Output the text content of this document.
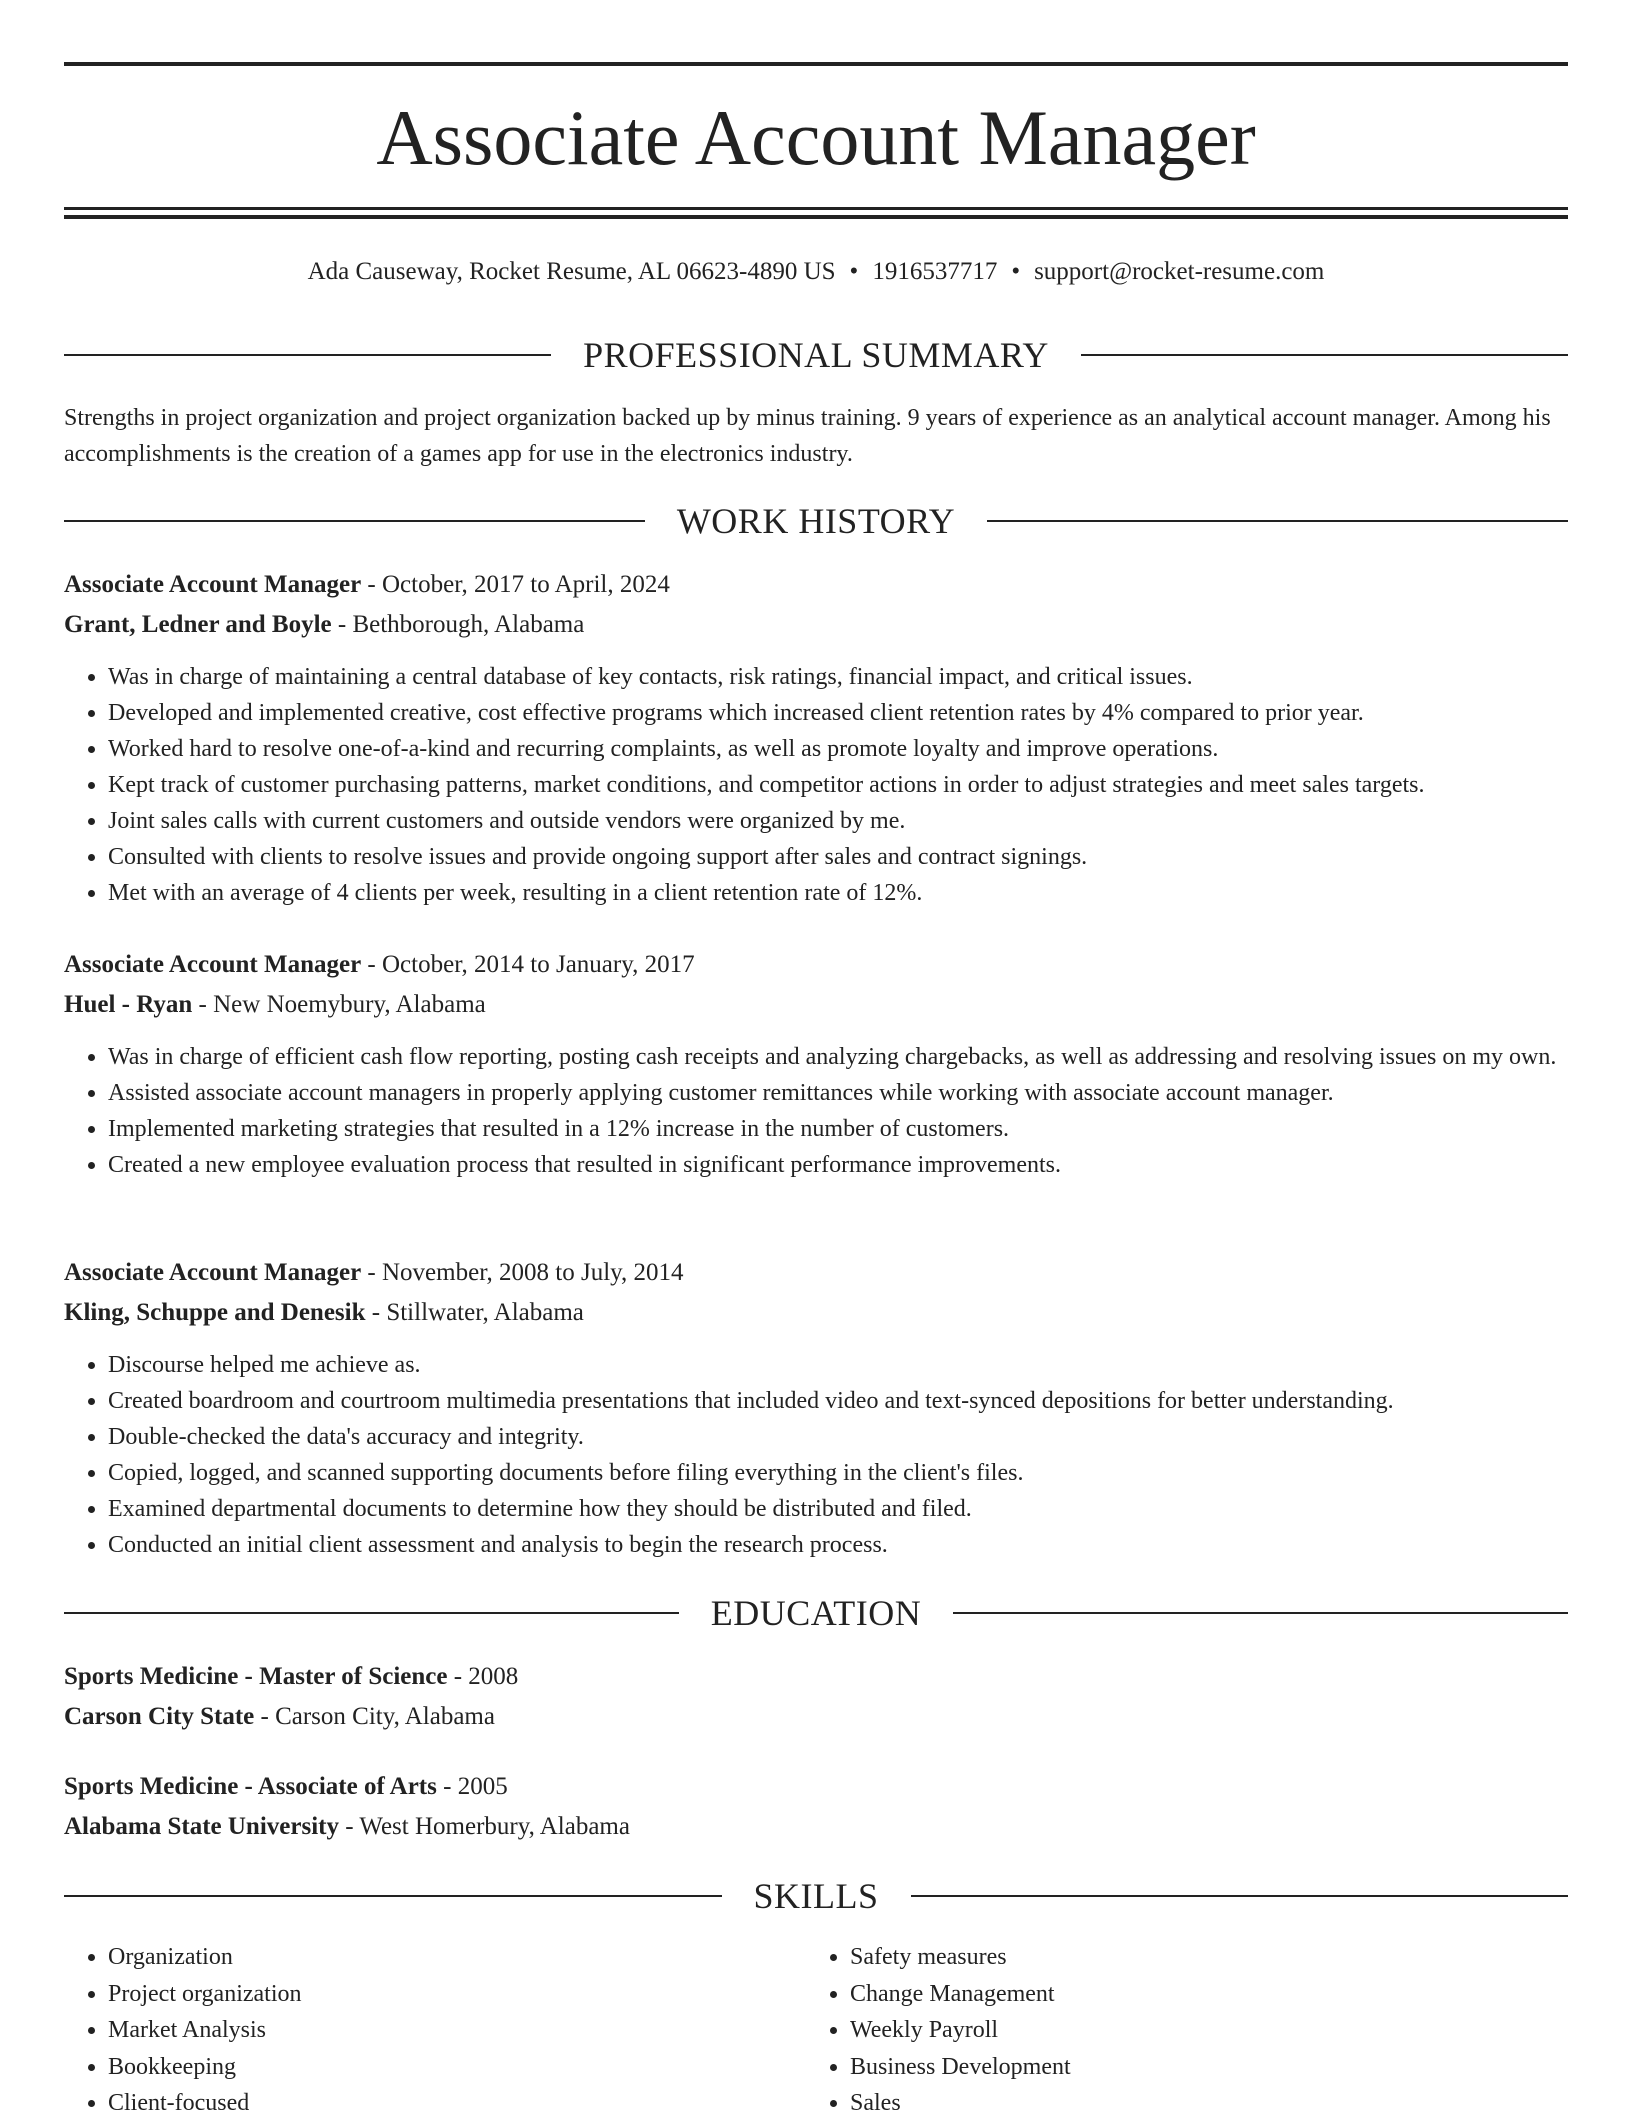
Associate Account Manager
Ada Causeway, Rocket Resume, AL 06623-4890 US • 1916537717 • support@rocket-resume.com
PROFESSIONAL SUMMARY

Strengths in project organization and project organization backed up by minus training. 9 years of experience as an analytical account manager. Among his accomplishments is the creation of a games app for use in the electronics industry.

WORK HISTORY
Associate Account Manager - October, 2017 to April, 2024
Grant, Ledner and Boyle - Bethborough, Alabama
• Was in charge of maintaining a central database of key contacts, risk ratings, financial impact, and critical issues.
• Developed and implemented creative, cost effective programs which increased client retention rates by 4% compared to prior year.
• Worked hard to resolve one-of-a-kind and recurring complaints, as well as promote loyalty and improve operations.
• Kept track of customer purchasing patterns, market conditions, and competitor actions in order to adjust strategies and meet sales targets.
• Joint sales calls with current customers and outside vendors were organized by me.
• Consulted with clients to resolve issues and provide ongoing support after sales and contract signings.
• Met with an average of 4 clients per week, resulting in a client retention rate of 12%.
Associate Account Manager - October, 2014 to January, 2017
Huel - Ryan - New Noemybury, Alabama
• Was in charge of efficient cash flow reporting, posting cash receipts and analyzing chargebacks, as well as addressing and resolving issues on my own.
• Assisted associate account managers in properly applying customer remittances while working with associate account manager.
• Implemented marketing strategies that resulted in a 12% increase in the number of customers.
• Created a new employee evaluation process that resulted in significant performance improvements.
Associate Account Manager - November, 2008 to July, 2014
Kling, Schuppe and Denesik - Stillwater, Alabama
• Discourse helped me achieve as.
• Created boardroom and courtroom multimedia presentations that included video and text-synced depositions for better understanding.
• Double-checked the data's accuracy and integrity.
• Copied, logged, and scanned supporting documents before filing everything in the client's files.
• Examined departmental documents to determine how they should be distributed and filed.
• Conducted an initial client assessment and analysis to begin the research process.
EDUCATION
Sports Medicine - Master of Science - 2008
Carson City State - Carson City, Alabama
Sports Medicine - Associate of Arts - 2005
Alabama State University - West Homerbury, Alabama
SKILLS
• Organization
• Project organization
• Market Analysis
• Bookkeeping
• Client-focused
• Safety measures
• Change Management
• Weekly Payroll
• Business Development
• Sales
